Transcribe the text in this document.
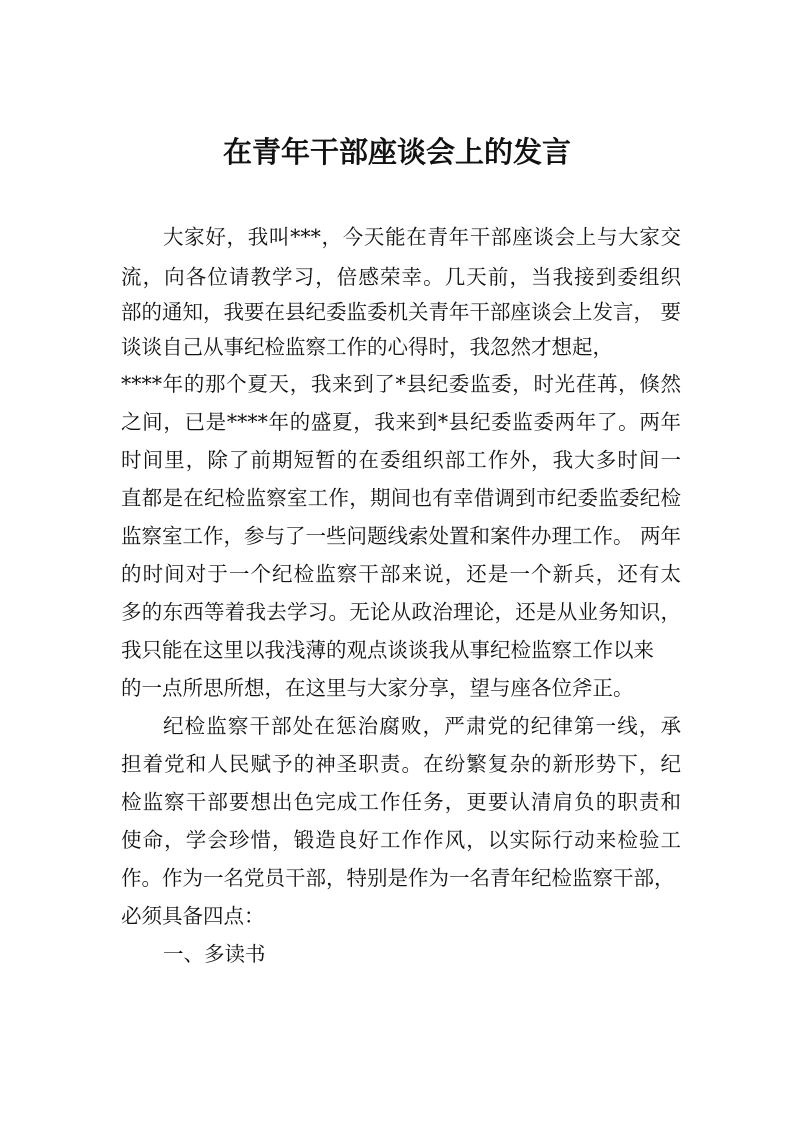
在青年干部座谈会上的发言

大家好，我叫***，今天能在青年干部座谈会上与大家交

流，向各位请教学习，倍感荣幸。几天前，当我接到委组织

部的通知，我要在县纪委监委机关青年干部座谈会上发言， 要

谈谈自己从事纪检监察工作的心得时，我忽然才想起，

****年的那个夏天，我来到了*县纪委监委，时光荏苒，倏然

之间，已是****年的盛夏，我来到*县纪委监委两年了。两年

时间里，除了前期短暂的在委组织部工作外，我大多时间一

直都是在纪检监察室工作，期间也有幸借调到市纪委监委纪检

监察室工作，参与了一些问题线索处置和案件办理工作。 两年

的时间对于一个纪检监察干部来说，还是一个新兵，还有太

多的东西等着我去学习。无论从政治理论，还是从业务知识，

我只能在这里以我浅薄的观点谈谈我从事纪检监察工作以来

的一点所思所想，在这里与大家分享，望与座各位斧正。

纪检监察干部处在惩治腐败，严肃党的纪律第一线，承

担着党和人民赋予的神圣职责。在纷繁复杂的新形势下，纪

检监察干部要想出色完成工作任务，更要认清肩负的职责和

使命，学会珍惜，锻造良好工作作风，以实际行动来检验工

作。作为一名党员干部，特别是作为一名青年纪检监察干部，

必须具备四点：

一、多读书
